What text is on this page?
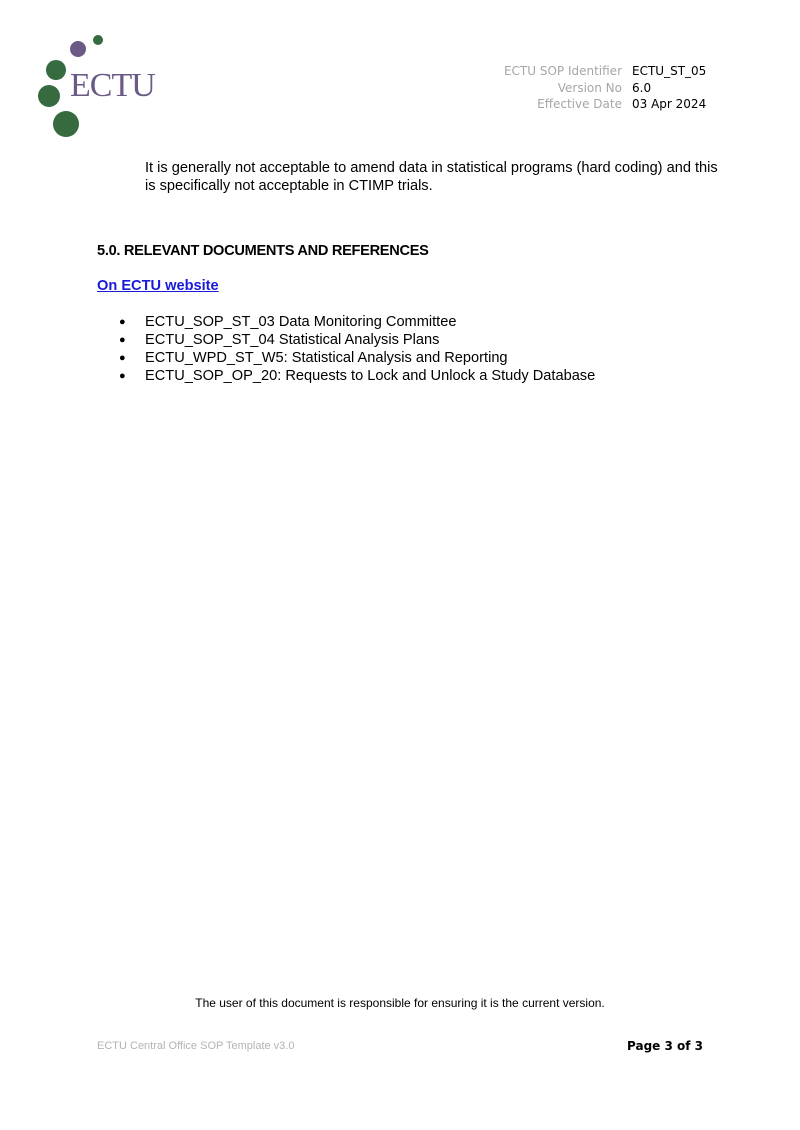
ECTU	ECTU SOP Identifier ECTU_ST_05
Version No 6.0
Effective Date 03 Apr 2024
It is generally not acceptable to amend data in statistical programs (hard coding) and this is specifically not acceptable in CTIMP trials.
5.0. RELEVANT DOCUMENTS AND REFERENCES
On ECTU website
●	ECTU_SOP_ST_03 Data Monitoring Committee
●	ECTU_SOP_ST_04 Statistical Analysis Plans
●	ECTU_WPD_ST_W5: Statistical Analysis and Reporting
●	ECTU_SOP_OP_20: Requests to Lock and Unlock a Study Database
The user of this document is responsible for ensuring it is the current version.
ECTU Central Office SOP Template v3.0	Page 3 of 3
